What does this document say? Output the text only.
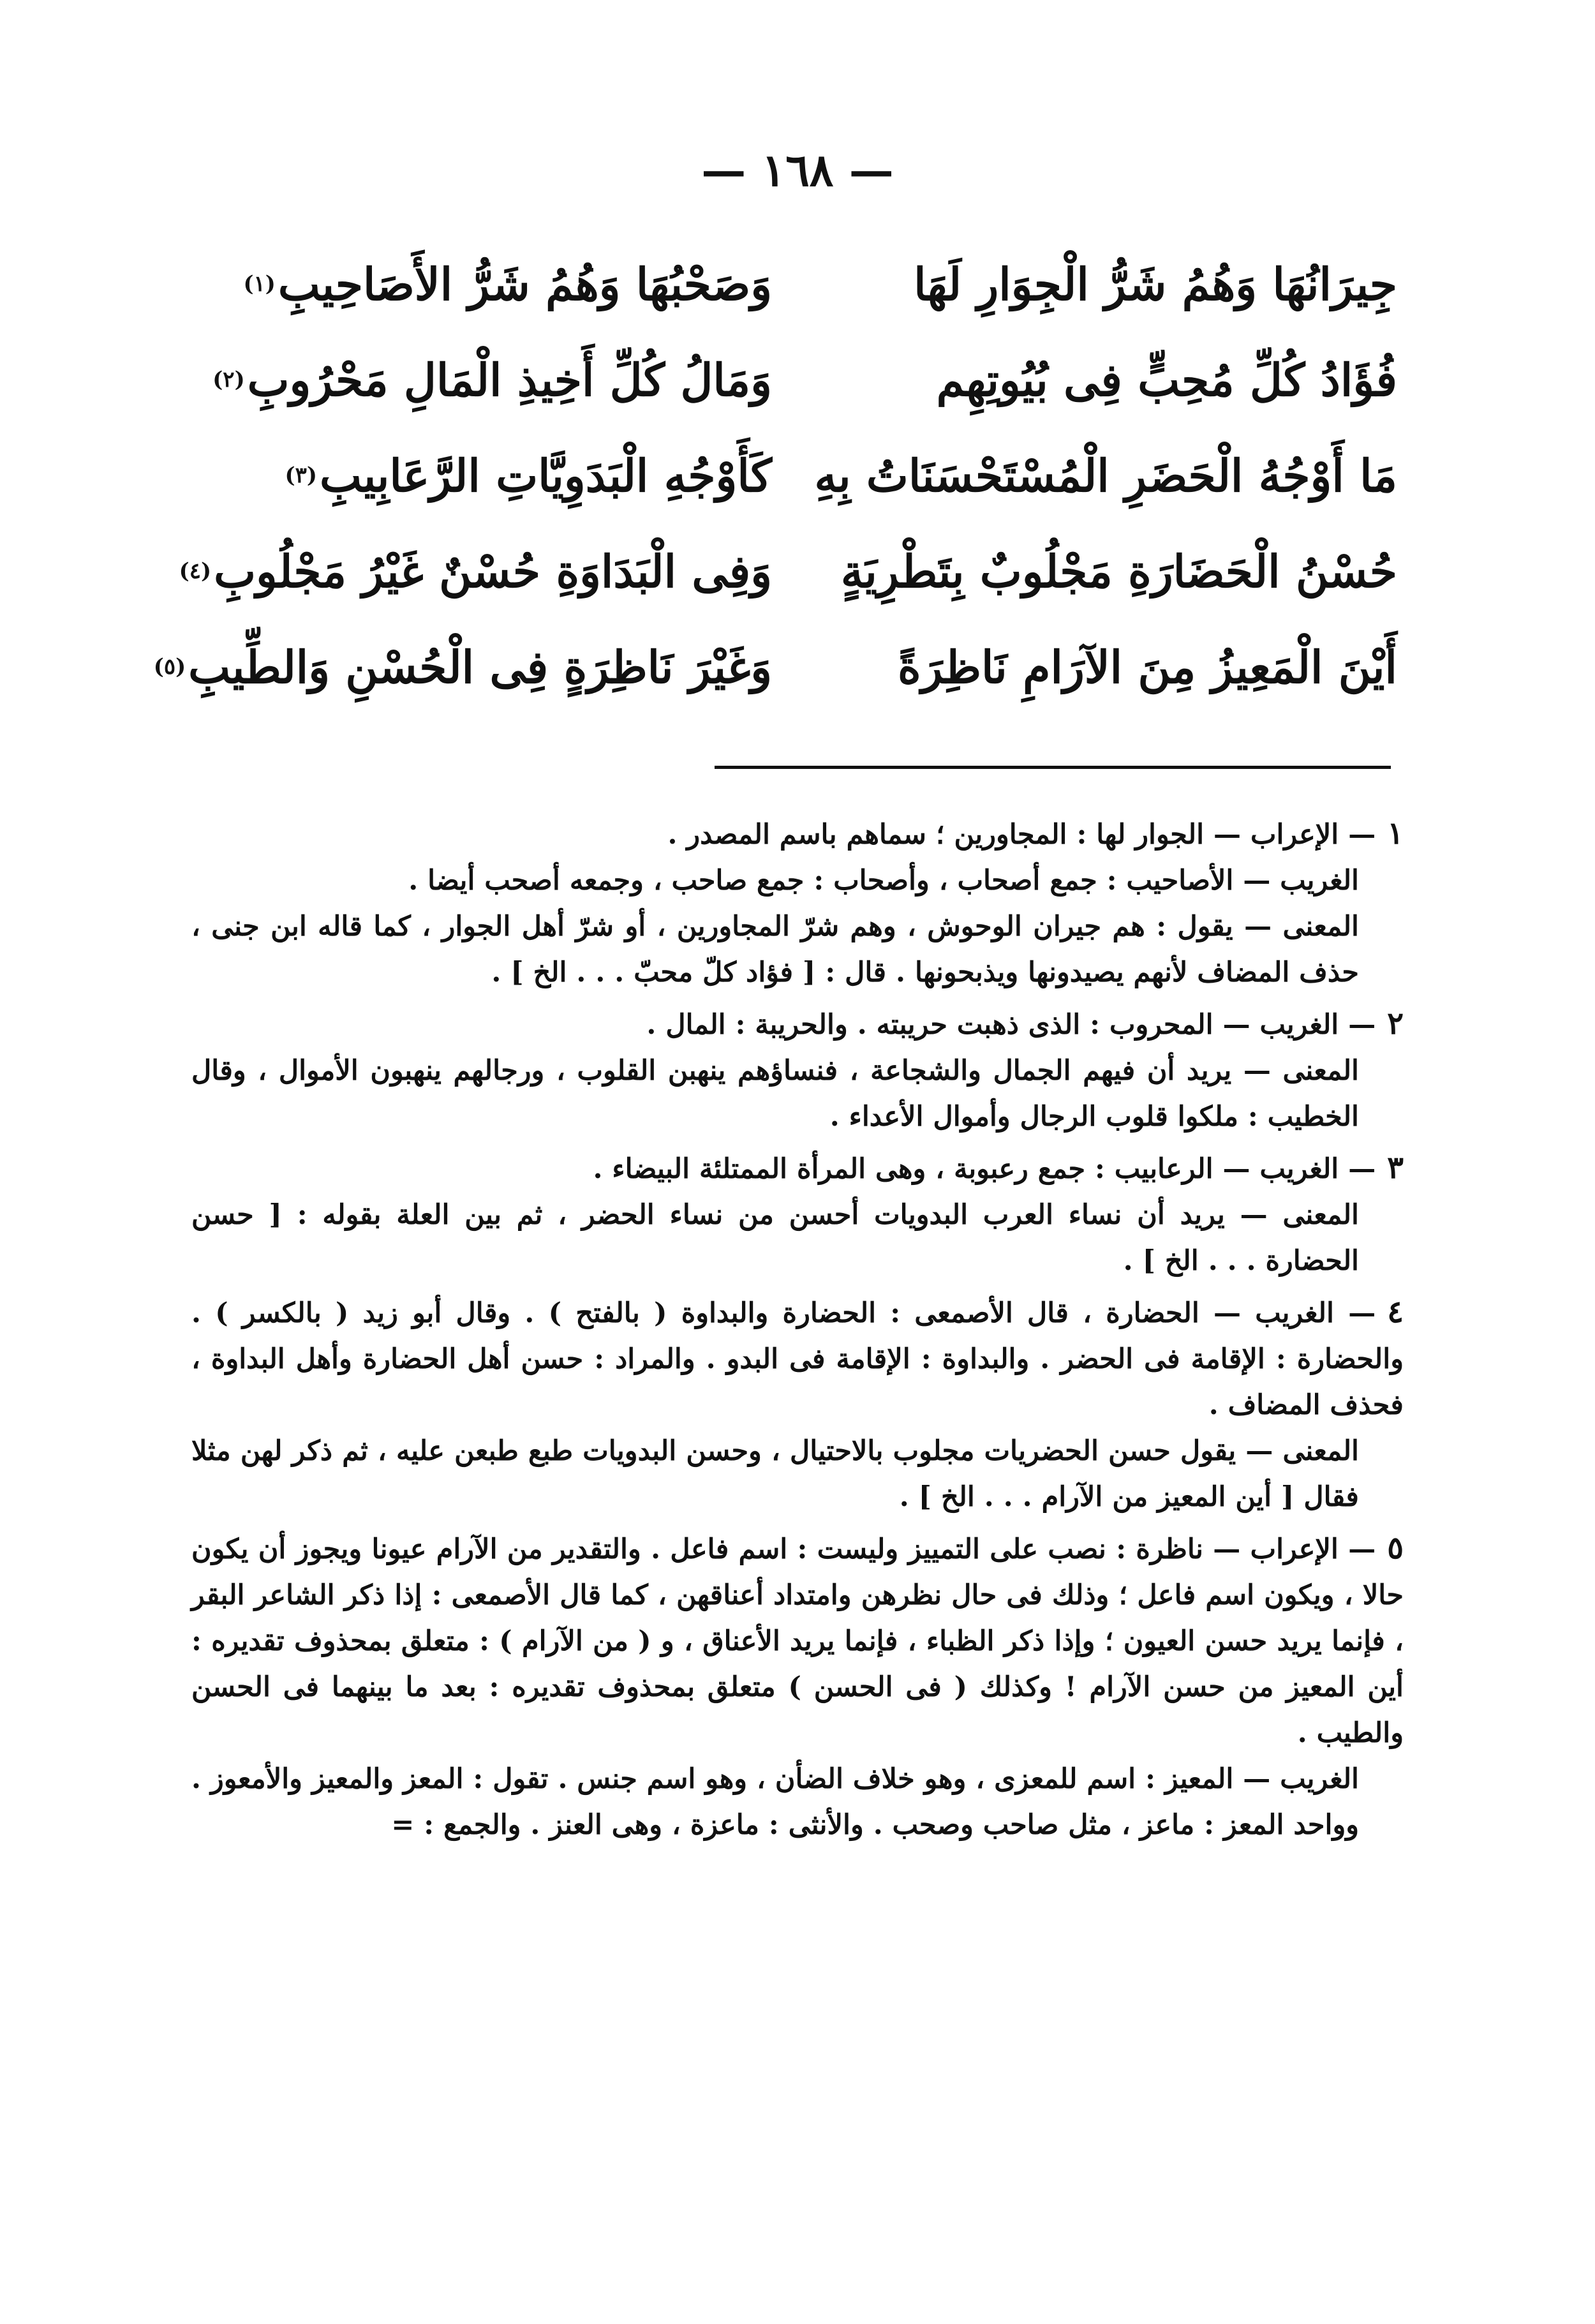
— ١٦٨ —
جِيرَانُهَا وَهُمُ شَرُّ الْجِوَارِ لَهَا
وَصَحْبُهَا وَهُمُ شَرُّ الأَصَاحِيبِ
(١)
فُؤَادُ كُلِّ مُحِبٍّ فِى بُيُوتِهِم
وَمَالُ كُلِّ أَخِيذِ الْمَالِ مَحْرُوبِ
(٢)
مَا أَوْجُهُ الْحَضَرِ الْمُسْتَحْسَنَاتُ بِهِ
كَأَوْجُهِ الْبَدَوِيَّاتِ الرَّعَابِيبِ
(٣)
حُسْنُ الْحَضَارَةِ مَجْلُوبٌ بِتَطْرِيَةٍ
وَفِى الْبَدَاوَةِ حُسْنٌ غَيْرُ مَجْلُوبِ
(٤)
أَيْنَ الْمَعِيزُ مِنَ الآرَامِ نَاظِرَةً
وَغَيْرَ نَاظِرَةٍ فِى الْحُسْنِ وَالطِّيبِ
(٥)

١— الإعراب — الجوار لها : المجاورين ؛ سماهم باسم المصدر .

الغريب — الأصاحيب : جمع أصحاب ، وأصحاب : جمع صاحب ، وجمعه أصحب أيضا .

المعنى — يقول : هم جيران الوحوش ، وهم شرّ المجاورين ، أو شرّ أهل الجوار ، كما قاله ابن جنى ، حذف المضاف لأنهم يصيدونها ويذبحونها . قال : [ فؤاد كلّ محبّ . . . الخ ] .

٢— الغريب — المحروب : الذى ذهبت حريبته . والحريبة : المال .

المعنى — يريد أن فيهم الجمال والشجاعة ، فنساؤهم ينهبن القلوب ، ورجالهم ينهبون الأموال ، وقال الخطيب : ملكوا قلوب الرجال وأموال الأعداء .

٣— الغريب — الرعابيب : جمع رعبوبة ، وهى المرأة الممتلئة البيضاء .

المعنى — يريد أن نساء العرب البدويات أحسن من نساء الحضر ، ثم بين العلة بقوله : [ حسن الحضارة . . . الخ ] .

٤— الغريب — الحضارة ، قال الأصمعى : الحضارة والبداوة ( بالفتح ) . وقال أبو زيد ( بالكسر ) . والحضارة : الإقامة فى الحضر . والبداوة : الإقامة فى البدو . والمراد : حسن أهل الحضارة وأهل البداوة ، فحذف المضاف .

المعنى — يقول حسن الحضريات مجلوب بالاحتيال ، وحسن البدويات طبع طبعن عليه ، ثم ذكر لهن مثلا فقال [ أين المعيز من الآرام . . . الخ ] .

٥— الإعراب — ناظرة : نصب على التمييز وليست : اسم فاعل . والتقدير من الآرام عيونا ويجوز أن يكون حالا ، ويكون اسم فاعل ؛ وذلك فى حال نظرهن وامتداد أعناقهن ، كما قال الأصمعى : إذا ذكر الشاعر البقر ، فإنما يريد حسن العيون ؛ وإذا ذكر الظباء ، فإنما يريد الأعناق ، و ( من الآرام ) : متعلق بمحذوف تقديره : أين المعيز من حسن الآرام ! وكذلك ( فى الحسن ) متعلق بمحذوف تقديره : بعد ما بينهما فى الحسن والطيب .

الغريب — المعيز : اسم للمعزى ، وهو خلاف الضأن ، وهو اسم جنس . تقول : المعز والمعيز والأمعوز . وواحد المعز : ماعز ، مثل صاحب وصحب . والأنثى : ماعزة ، وهى العنز . والجمع : =
